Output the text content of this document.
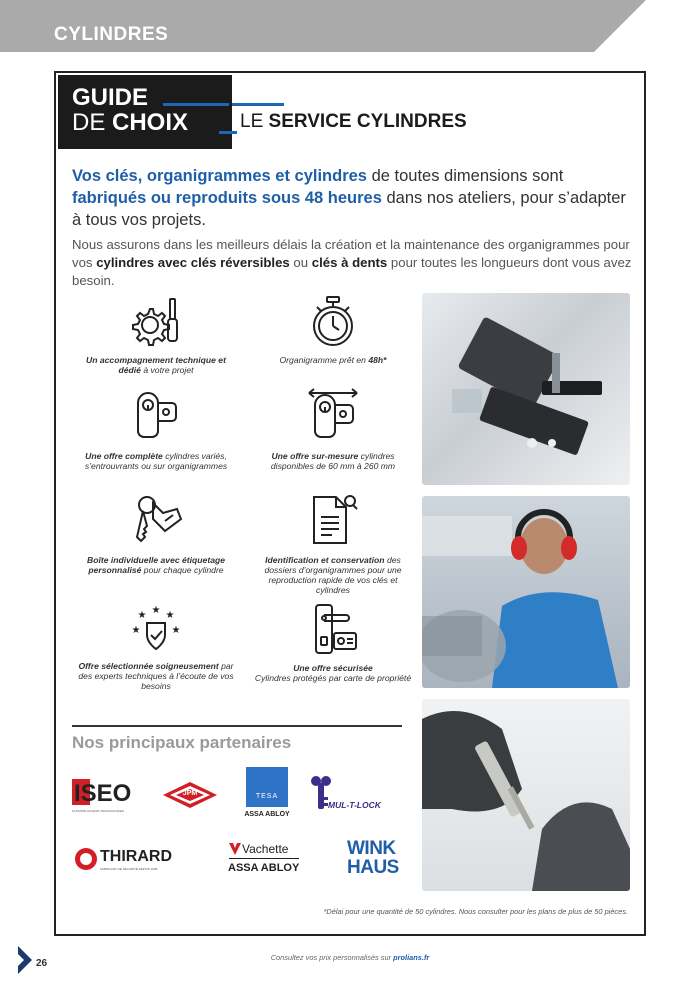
CYLINDRES
GUIDE
DE CHOIX	LE SERVICE CYLINDRES
Vos clés, organigrammes et cylindres de toutes dimensions sont fabriqués ou reproduits sous 48 heures dans nos ateliers, pour s’adapter à tous vos projets.
Nous assurons dans les meilleurs délais la création et la maintenance des organigrammes pour vos cylindres avec clés réversibles ou clés à dents pour toutes les longueurs dont vous avez besoin.
Un accompagnement technique et dédié à votre projet
Organigramme prêt en 48h*
Une offre complète cylindres variés, s’entrouvrants ou sur organigrammes
Une offre sur-mesure cylindres disponibles de 60 mm à 260 mm
Boîte individuelle avec étiquetage personnalisé pour chaque cylindre
Identification et conservation des dossiers d’organigrammes pour une reproduction rapide de vos clés et cylindres
★
★ ★
★	★
Offre sélectionnée soigneusement par des experts techniques à l’écoute de vos besoins
Une offre sécurisée
Cylindres protégés par carte de propriété
Nos principaux partenaires
ISEO
ULTIMATE ACCESS TECHNOLOGIES
JPM	TESA
ASSA ABLOY
MUL-T-LOCK
THIRARD
FABRICANT DE SÉCURITÉ DEPUIS 1908
Vachette
ASSA ABLOY
WINK
HAUS
*Délai pour une quantité de 50 cylindres. Nous consulter pour les plans de plus de 50 pièces.
26
Consultez vos prix personnalisés sur prolians.fr
